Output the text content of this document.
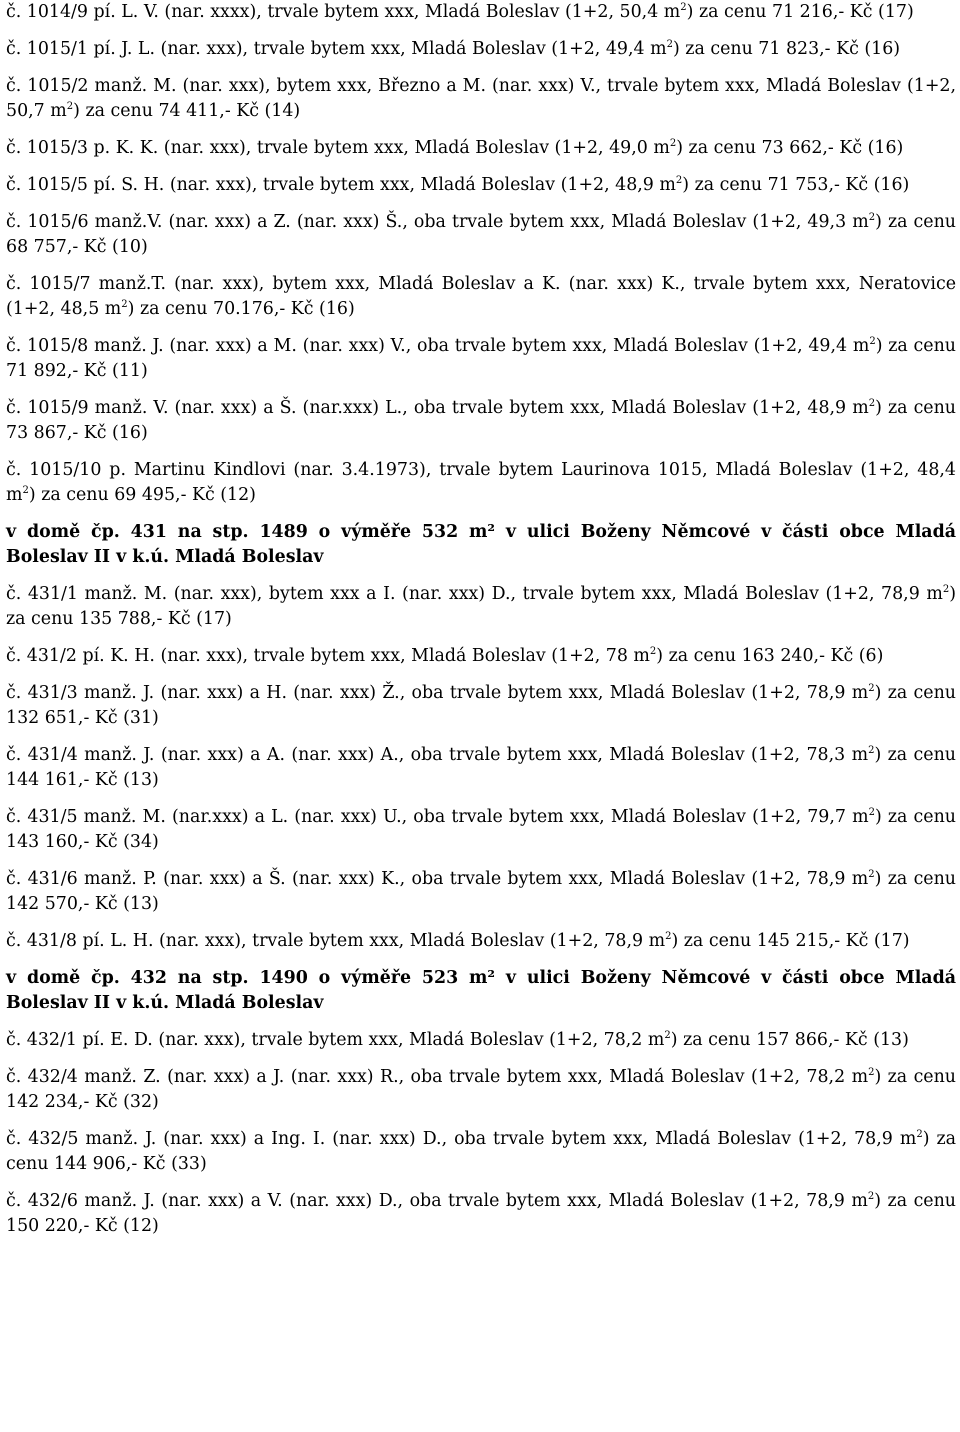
č. 1014/9 pí. L. V. (nar. xxxx), trvale bytem xxx, Mladá Boleslav (1+2, 50,4 $m^2$) za cenu 71 216,- Kč (17)

č. 1015/1 pí. J. L. (nar. xxx), trvale bytem xxx, Mladá Boleslav (1+2, 49,4 $m^2$) za cenu 71 823,- Kč (16)

č. 1015/2 manž. M. (nar. xxx), bytem xxx, Březno a M. (nar. xxx) V., trvale bytem xxx, Mladá Boleslav (1+2, 50,7 $m^2$) za cenu 74 411,- Kč (14)

č. 1015/3 p. K. K. (nar. xxx), trvale bytem xxx, Mladá Boleslav (1+2, 49,0 $m^2$) za cenu 73 662,- Kč (16)

č. 1015/5 pí. S. H. (nar. xxx), trvale bytem xxx, Mladá Boleslav (1+2, 48,9 $m^2$) za cenu 71 753,- Kč (16)

č. 1015/6 manž.V. (nar. xxx) a Z. (nar. xxx) Š., oba trvale bytem xxx, Mladá Boleslav (1+2, 49,3 $m^2$) za cenu 68 757,- Kč (10)

č. 1015/7 manž.T. (nar. xxx), bytem xxx, Mladá Boleslav a K. (nar. xxx) K., trvale bytem xxx, Neratovice (1+2, 48,5 $m^2$) za cenu 70.176,- Kč (16)

č. 1015/8 manž. J. (nar. xxx) a M. (nar. xxx) V., oba trvale bytem xxx, Mladá Boleslav (1+2, 49,4 $m^2$) za cenu 71 892,- Kč (11)

č. 1015/9 manž. V. (nar. xxx) a Š. (nar.xxx) L., oba trvale bytem xxx, Mladá Boleslav (1+2, 48,9 $m^2$) za cenu 73 867,- Kč (16)

č. 1015/10 p. Martinu Kindlovi (nar. 3.4.1973), trvale bytem Laurinova 1015, Mladá Boleslav (1+2, 48,4 $m^2$) za cenu 69 495,- Kč (12)

v domě čp. 431 na stp. 1489 o výměře 532 m² v ulici Boženy Němcové v části obce Mladá Boleslav II v k.ú. Mladá Boleslav

č. 431/1 manž. M. (nar. xxx), bytem xxx a I. (nar. xxx) D., trvale bytem xxx, Mladá Boleslav (1+2, 78,9 $m^2$) za cenu 135 788,- Kč (17)

č. 431/2 pí. K. H. (nar. xxx), trvale bytem xxx, Mladá Boleslav (1+2, 78 $m^2$) za cenu 163 240,- Kč (6)

č. 431/3 manž. J. (nar. xxx) a H. (nar. xxx) Ž., oba trvale bytem xxx, Mladá Boleslav (1+2, 78,9 $m^2$) za cenu 132 651,- Kč (31)

č. 431/4 manž. J. (nar. xxx) a A. (nar. xxx) A., oba trvale bytem xxx, Mladá Boleslav (1+2, 78,3 $m^2$) za cenu 144 161,- Kč (13)

č. 431/5 manž. M. (nar.xxx) a L. (nar. xxx) U., oba trvale bytem xxx, Mladá Boleslav (1+2, 79,7 $m^2$) za cenu 143 160,- Kč (34)

č. 431/6 manž. P. (nar. xxx) a Š. (nar. xxx) K., oba trvale bytem xxx, Mladá Boleslav (1+2, 78,9 $m^2$) za cenu 142 570,- Kč (13)

č. 431/8 pí. L. H. (nar. xxx), trvale bytem xxx, Mladá Boleslav (1+2, 78,9 $m^2$) za cenu 145 215,- Kč (17)

v domě čp. 432 na stp. 1490 o výměře 523 m² v ulici Boženy Němcové v části obce Mladá Boleslav II v k.ú. Mladá Boleslav

č. 432/1 pí. E. D. (nar. xxx), trvale bytem xxx, Mladá Boleslav (1+2, 78,2 $m^2$) za cenu 157 866,- Kč (13)

č. 432/4 manž. Z. (nar. xxx) a J. (nar. xxx) R., oba trvale bytem xxx, Mladá Boleslav (1+2, 78,2 $m^2$) za cenu 142 234,- Kč (32)

č. 432/5 manž. J. (nar. xxx) a Ing. I. (nar. xxx) D., oba trvale bytem xxx, Mladá Boleslav (1+2, 78,9 $m^2$) za cenu 144 906,- Kč (33)

č. 432/6 manž. J. (nar. xxx) a V. (nar. xxx) D., oba trvale bytem xxx, Mladá Boleslav (1+2, 78,9 $m^2$) za cenu 150 220,- Kč (12)
